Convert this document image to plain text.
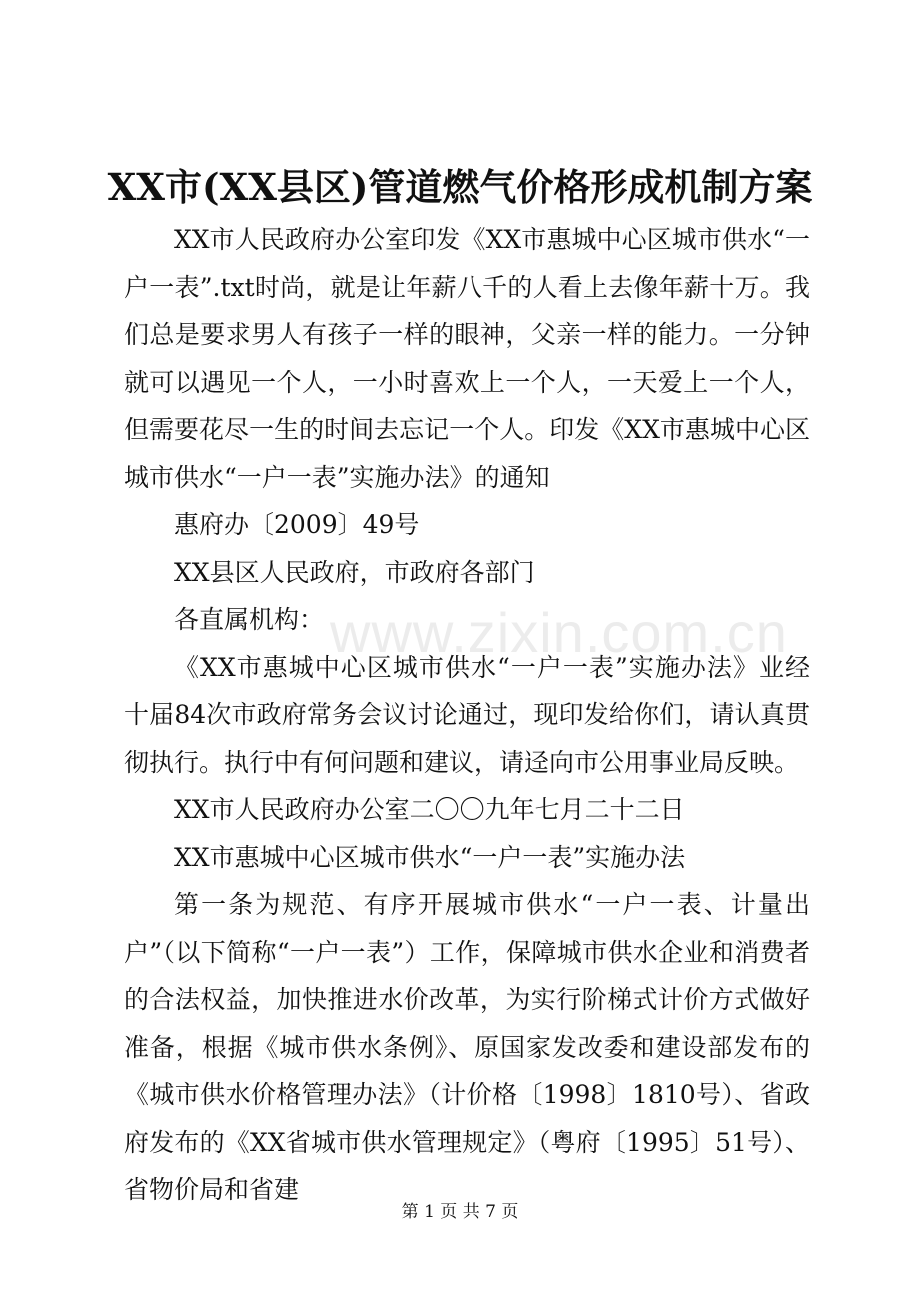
XX市(XX县区)管道燃气价格形成机制方案

XX市人民政府办公室印发《XX市惠城中心区城市供水“一户一表”.txt时尚，就是让年薪八千的人看上去像年薪十万。我们总是要求男人有孩子一样的眼神，父亲一样的能力。一分钟就可以遇见一个人，一小时喜欢上一个人，一天爱上一个人，但需要花尽一生的时间去忘记一个人。印发《XX市惠城中心区城市供水“一户一表”实施办法》的通知

惠府办〔2009〕49号

XX县区人民政府，市政府各部门

各直属机构：

《XX市惠城中心区城市供水“一户一表”实施办法》业经十届84次市政府常务会议讨论通过，现印发给你们，请认真贯彻执行。执行中有何问题和建议，请迳向市公用事业局反映。

XX市人民政府办公室二〇〇九年七月二十二日

XX市惠城中心区城市供水“一户一表”实施办法

第一条为规范、有序开展城市供水“一户一表、计量出户”（以下简称“一户一表”）工作，保障城市供水企业和消费者的合法权益，加快推进水价改革，为实行阶梯式计价方式做好准备，根据《城市供水条例》、原国家发改委和建设部发布的《城市供水价格管理办法》（计价格〔1998〕1810号）、省政府发布的《XX省城市供水管理规定》（粤府〔1995〕51号）、省物价局和省建

www.zixin.com.cn
第 1 页 共 7 页
